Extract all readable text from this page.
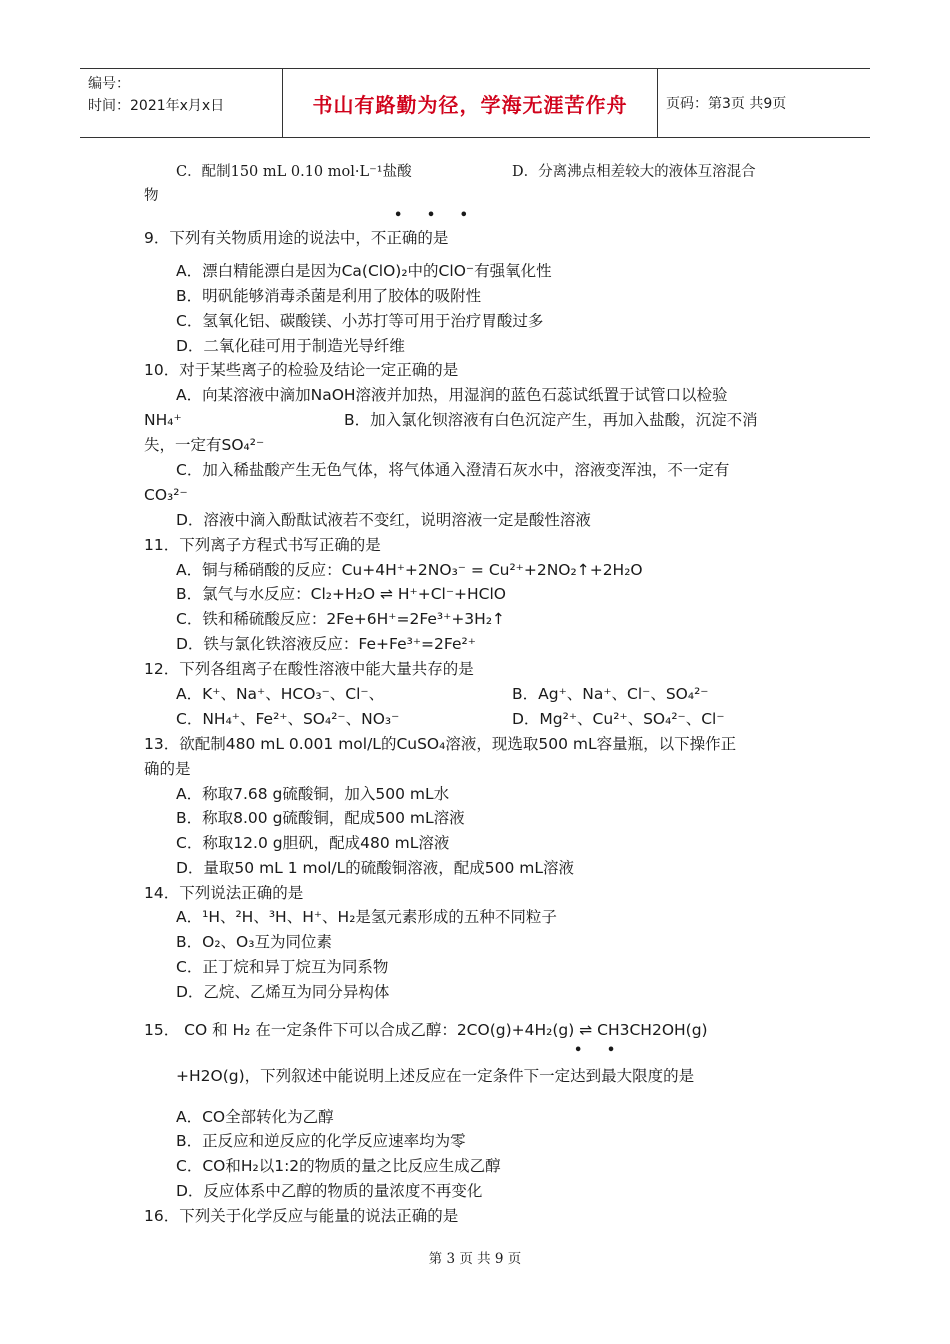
编号：
时间：2021年x月x日	书山有路勤为径，学海无涯苦作舟	页码：第3页 共9页
C．配制150 mL 0.10 mol·L⁻¹盐酸	D．分离沸点相差较大的液体互溶混合
物
• • •
9．下列有关物质用途的说法中，不正确的是
A．漂白精能漂白是因为Ca(ClO)₂中的ClO⁻有强氧化性
B．明矾能够消毒杀菌是利用了胶体的吸附性
C．氢氧化铝、碳酸镁、小苏打等可用于治疗胃酸过多
D．二氧化硅可用于制造光导纤维
10．对于某些离子的检验及结论一定正确的是
A．向某溶液中滴加NaOH溶液并加热，用湿润的蓝色石蕊试纸置于试管口以检验
NH₄⁺	B．加入氯化钡溶液有白色沉淀产生，再加入盐酸，沉淀不消
失，一定有SO₄²⁻
C．加入稀盐酸产生无色气体，将气体通入澄清石灰水中，溶液变浑浊，不一定有
CO₃²⁻
D．溶液中滴入酚酞试液若不变红，说明溶液一定是酸性溶液
11．下列离子方程式书写正确的是
A．铜与稀硝酸的反应：Cu+4H⁺+2NO₃⁻ = Cu²⁺+2NO₂↑+2H₂O
B．氯气与水反应：Cl₂+H₂O ⇌ H⁺+Cl⁻+HClO
C．铁和稀硫酸反应：2Fe+6H⁺=2Fe³⁺+3H₂↑
D．铁与氯化铁溶液反应：Fe+Fe³⁺=2Fe²⁺
12．下列各组离子在酸性溶液中能大量共存的是
A．K⁺、Na⁺、HCO₃⁻、Cl⁻、	B．Ag⁺、Na⁺、Cl⁻、SO₄²⁻
C．NH₄⁺、Fe²⁺、SO₄²⁻、NO₃⁻	D．Mg²⁺、Cu²⁺、SO₄²⁻、Cl⁻
13．欲配制480 mL 0.001 mol/L的CuSO₄溶液，现选取500 mL容量瓶，以下操作正
确的是
A．称取7.68 g硫酸铜，加入500 mL水
B．称取8.00 g硫酸铜，配成500 mL溶液
C．称取12.0 g胆矾，配成480 mL溶液
D．量取50 mL 1 mol/L的硫酸铜溶液，配成500 mL溶液
14．下列说法正确的是
A．¹H、²H、³H、H⁺、H₂是氢元素形成的五种不同粒子
B．O₂、O₃互为同位素
C．正丁烷和异丁烷互为同系物
D．乙烷、乙烯互为同分异构体
15． CO 和 H₂ 在一定条件下可以合成乙醇：2CO(g)+4H₂(g) ⇌ CH3CH2OH(g)
• •
+H2O(g)，下列叙述中能说明上述反应在一定条件下一定达到最大限度的是
A．CO全部转化为乙醇
B．正反应和逆反应的化学反应速率均为零
C．CO和H₂以1:2的物质的量之比反应生成乙醇
D．反应体系中乙醇的物质的量浓度不再变化
16．下列关于化学反应与能量的说法正确的是
第 3 页 共 9 页
